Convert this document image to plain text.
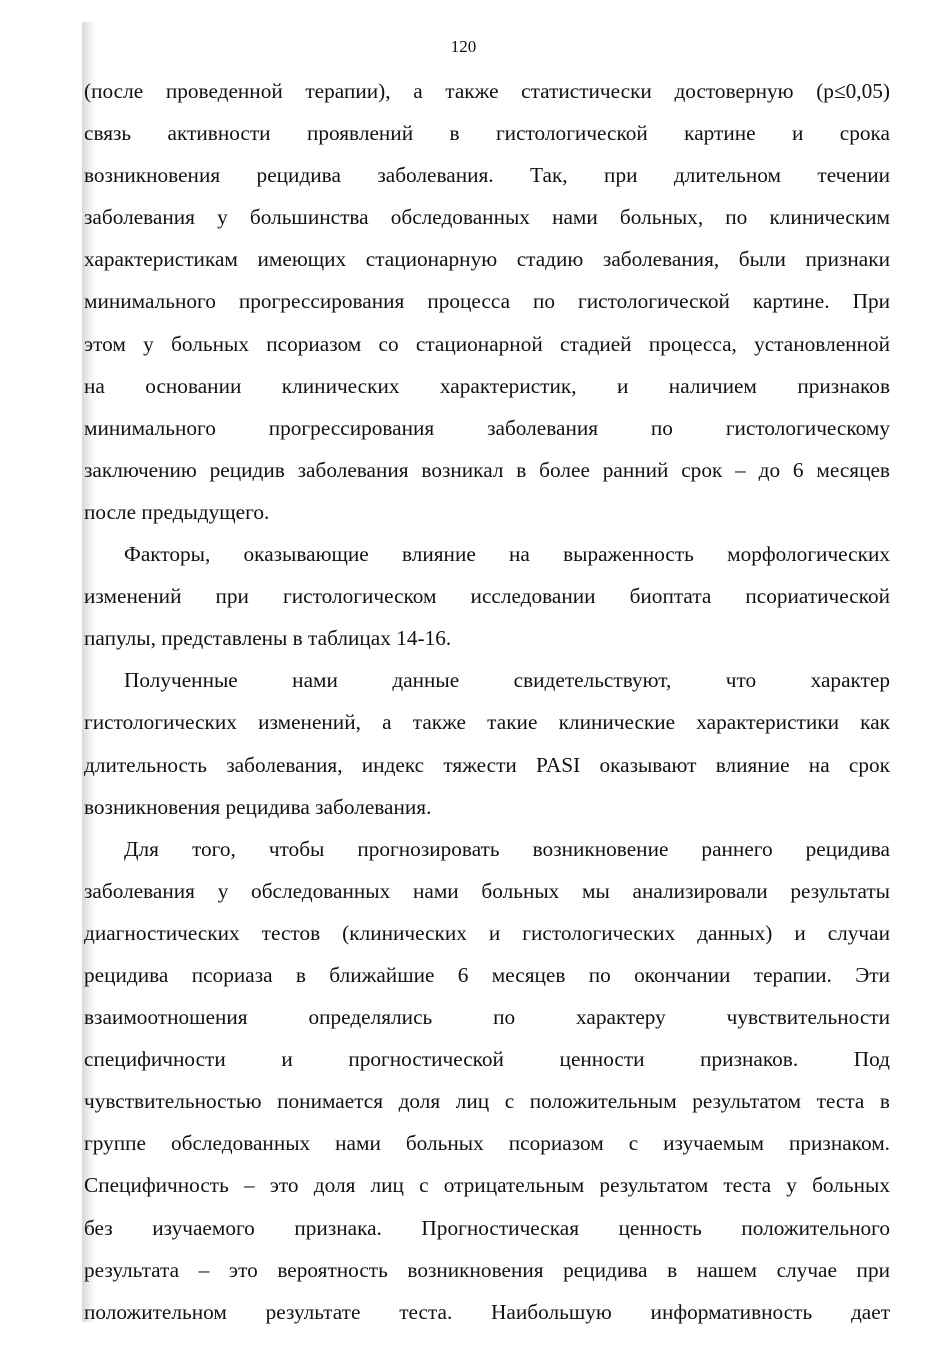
120
(после проведенной терапии), а также статистически достоверную (р≤0,05)
связь активности проявлений в гистологической картине и срока
возникновения рецидива заболевания. Так, при длительном течении
заболевания у большинства обследованных нами больных, по клиническим
характеристикам имеющих стационарную стадию заболевания, были признаки
минимального прогрессирования процесса по гистологической картине. При
этом у больных псориазом со стационарной стадией процесса, установленной
на основании клинических характеристик, и наличием признаков
минимального прогрессирования заболевания по гистологическому
заключению рецидив заболевания возникал в более ранний срок – до 6 месяцев
после предыдущего.
Факторы, оказывающие влияние на выраженность морфологических
изменений при гистологическом исследовании биоптата псориатической
папулы, представлены в таблицах 14-16.
Полученные нами данные свидетельствуют, что характер
гистологических изменений, а также такие клинические характеристики как
длительность заболевания, индекс тяжести PASI оказывают влияние на срок
возникновения рецидива заболевания.
Для того, чтобы прогнозировать возникновение раннего рецидива
заболевания у обследованных нами больных мы анализировали результаты
диагностических тестов (клинических и гистологических данных) и случаи
рецидива псориаза в ближайшие 6 месяцев по окончании терапии. Эти
взаимоотношения определялись по характеру чувствительности
специфичности и прогностической ценности признаков. Под
чувствительностью понимается доля лиц с положительным результатом теста в
группе обследованных нами больных псориазом с изучаемым признаком.
Специфичность – это доля лиц с отрицательным результатом теста у больных
без изучаемого признака. Прогностическая ценность положительного
результата – это вероятность возникновения рецидива в нашем случае при
положительном результате теста. Наибольшую информативность дает
